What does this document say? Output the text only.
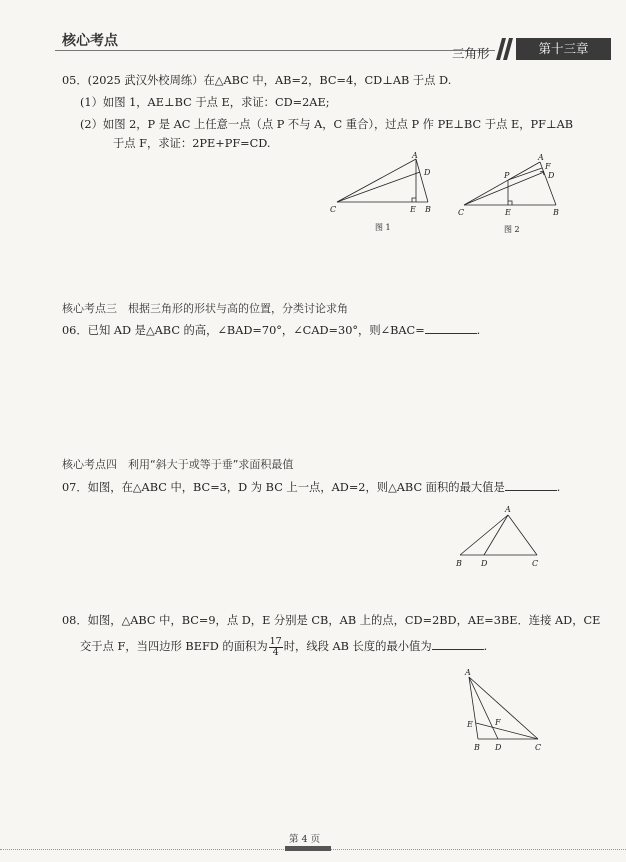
核心考点
三角形	第十三章
05．(2025 武汉外校周练）在△ABC 中，AB=2，BC=4，CD⊥AB 于点 D.
(1）如图 1，AE⊥BC 于点 E，求证：CD=2AE;
(2）如图 2，P 是 AC 上任意一点（点 P 不与 A，C 重合），过点 P 作 PE⊥BC 于点 E，PF⊥AB
于点 F，求证：2PE+PF=CD.
A
C	E B
D
图 1
A
F
D
P
C	E	B
图 2
核心考点三　根据三角形的形状与高的位置，分类讨论求角
06．已知 AD 是△ABC 的高，∠BAD=70°，∠CAD=30°，则∠BAC=	.
核心考点四　利用“斜大于或等于垂”求面积最值
07．如图，在△ABC 中，BC=3，D 为 BC 上一点，AD=2，则△ABC 面积的最大值是	.
A
B D	C
08．如图，△ABC 中，BC=9，点 D，E 分别是 CB，AB 上的点，CD=2BD，AE=3BE．连接 AD，CE
交于点 F，当四边形 BEFD 的面积为 $\frac{17}{4}$ 时，线段 AB 长度的最小值为	.
A
E	F
B D	C
第 4 页
